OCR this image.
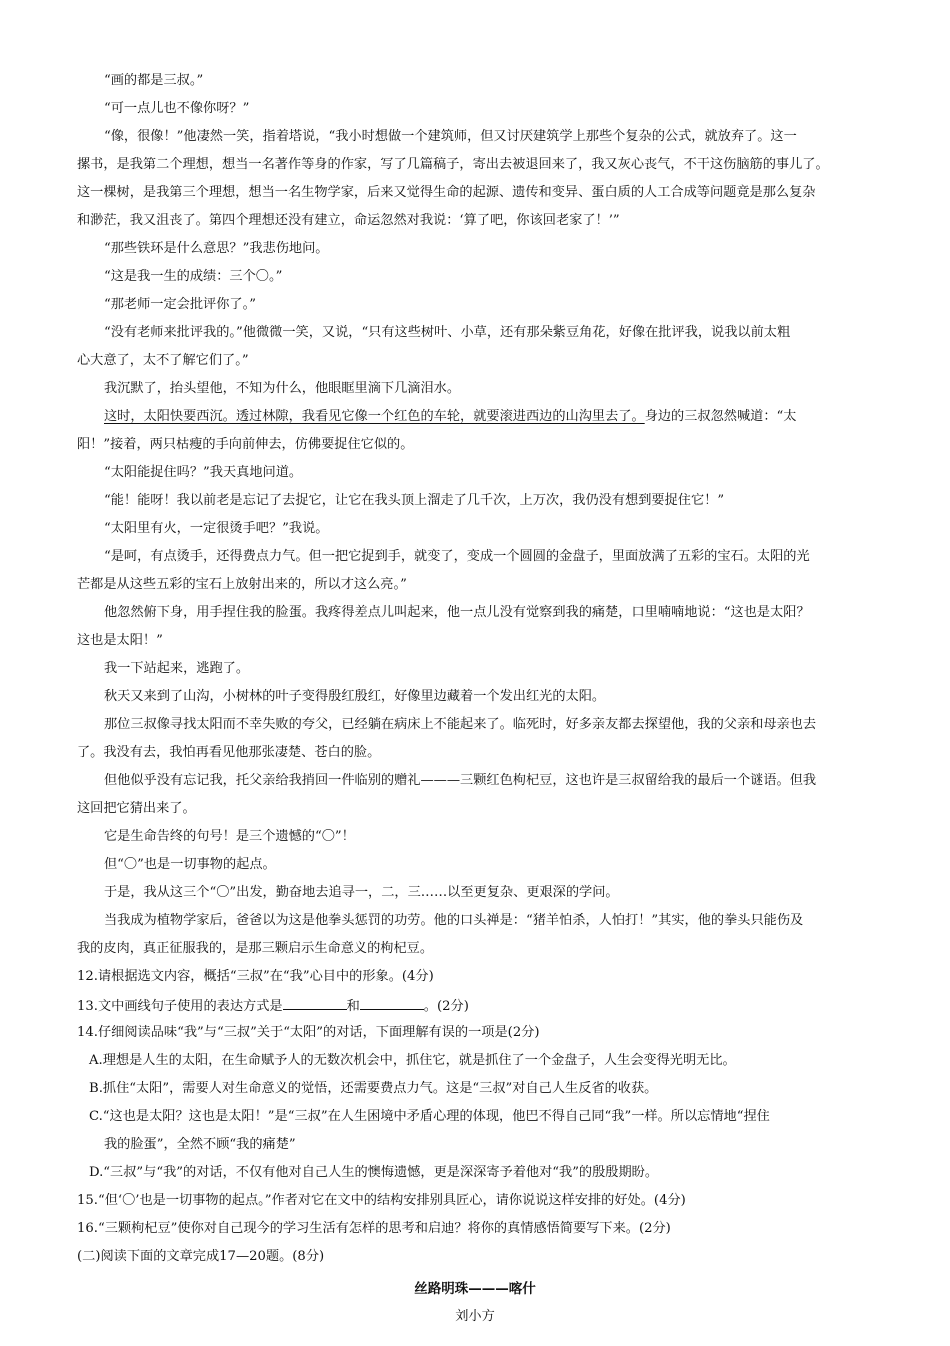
“画的都是三叔。”
“可一点儿也不像你呀？”
“像，很像！”他凄然一笑，指着塔说，“我小时想做一个建筑师，但又讨厌建筑学上那些个复杂的公式，就放弃了。这一
摞书，是我第二个理想，想当一名著作等身的作家，写了几篇稿子，寄出去被退回来了，我又灰心丧气，不干这伤脑筋的事儿了。
这一棵树，是我第三个理想，想当一名生物学家，后来又觉得生命的起源、遗传和变异、蛋白质的人工合成等问题竟是那么复杂
和渺茫，我又沮丧了。第四个理想还没有建立，命运忽然对我说：‘算了吧，你该回老家了！’”
“那些铁环是什么意思？”我悲伤地问。
“这是我一生的成绩：三个〇。”
“那老师一定会批评你了。”
“没有老师来批评我的。”他微微一笑，又说，“只有这些树叶、小草，还有那朵紫豆角花，好像在批评我，说我以前太粗
心大意了，太不了解它们了。”
我沉默了，抬头望他，不知为什么，他眼眶里滴下几滴泪水。
这时，太阳快要西沉。透过林隙，我看见它像一个红色的车轮，就要滚进西边的山沟里去了。身边的三叔忽然喊道：“太
阳！”接着，两只枯瘦的手向前伸去，仿佛要捉住它似的。
“太阳能捉住吗？”我天真地问道。
“能！能呀！我以前老是忘记了去捉它，让它在我头顶上溜走了几千次，上万次，我仍没有想到要捉住它！”
“太阳里有火，一定很烫手吧？”我说。
“是呵，有点烫手，还得费点力气。但一把它捉到手，就变了，变成一个圆圆的金盘子，里面放满了五彩的宝石。太阳的光
芒都是从这些五彩的宝石上放射出来的，所以才这么亮。”
他忽然俯下身，用手捏住我的脸蛋。我疼得差点儿叫起来，他一点儿没有觉察到我的痛楚，口里喃喃地说：“这也是太阳？
这也是太阳！”
我一下站起来，逃跑了。
秋天又来到了山沟，小树林的叶子变得殷红殷红，好像里边藏着一个发出红光的太阳。
那位三叔像寻找太阳而不幸失败的夸父，已经躺在病床上不能起来了。临死时，好多亲友都去探望他，我的父亲和母亲也去
了。我没有去，我怕再看见他那张凄楚、苍白的脸。
但他似乎没有忘记我，托父亲给我捎回一件临别的赠礼———三颗红色枸杞豆，这也许是三叔留给我的最后一个谜语。但我
这回把它猜出来了。
它是生命告终的句号！是三个遗憾的“〇”！
但“〇”也是一切事物的起点。
于是，我从这三个“〇”出发，勤奋地去追寻一，二，三……以至更复杂、更艰深的学问。
当我成为植物学家后，爸爸以为这是他拳头惩罚的功劳。他的口头禅是：“猪羊怕杀，人怕打！”其实，他的拳头只能伤及
我的皮肉，真正征服我的，是那三颗启示生命意义的枸杞豆。
12.请根据选文内容，概括“三叔”在“我”心目中的形象。(4分)
13.文中画线句子使用的表达方式是	和	。(2分)
14.仔细阅读品味“我”与“三叔”关于“太阳”的对话，下面理解有误的一项是(2分)
A.理想是人生的太阳，在生命赋予人的无数次机会中，抓住它，就是抓住了一个金盘子，人生会变得光明无比。
B.抓住“太阳”，需要人对生命意义的觉悟，还需要费点力气。这是“三叔”对自己人生反省的收获。
C.“这也是太阳？这也是太阳！”是“三叔”在人生困境中矛盾心理的体现，他巴不得自己同“我”一样。所以忘情地“捏住
我的脸蛋”，全然不顾“我的痛楚”
D.“三叔”与“我”的对话，不仅有他对自己人生的懊悔遗憾，更是深深寄予着他对“我”的殷殷期盼。
15.“但‘〇’也是一切事物的起点。”作者对它在文中的结构安排别具匠心，请你说说这样安排的好处。(4分)
16.“三颗枸杞豆”使你对自己现今的学习生活有怎样的思考和启迪？将你的真情感悟简要写下来。(2分)
(二)阅读下面的文章完成17—20题。(8分)
丝路明珠———喀什
刘小方
